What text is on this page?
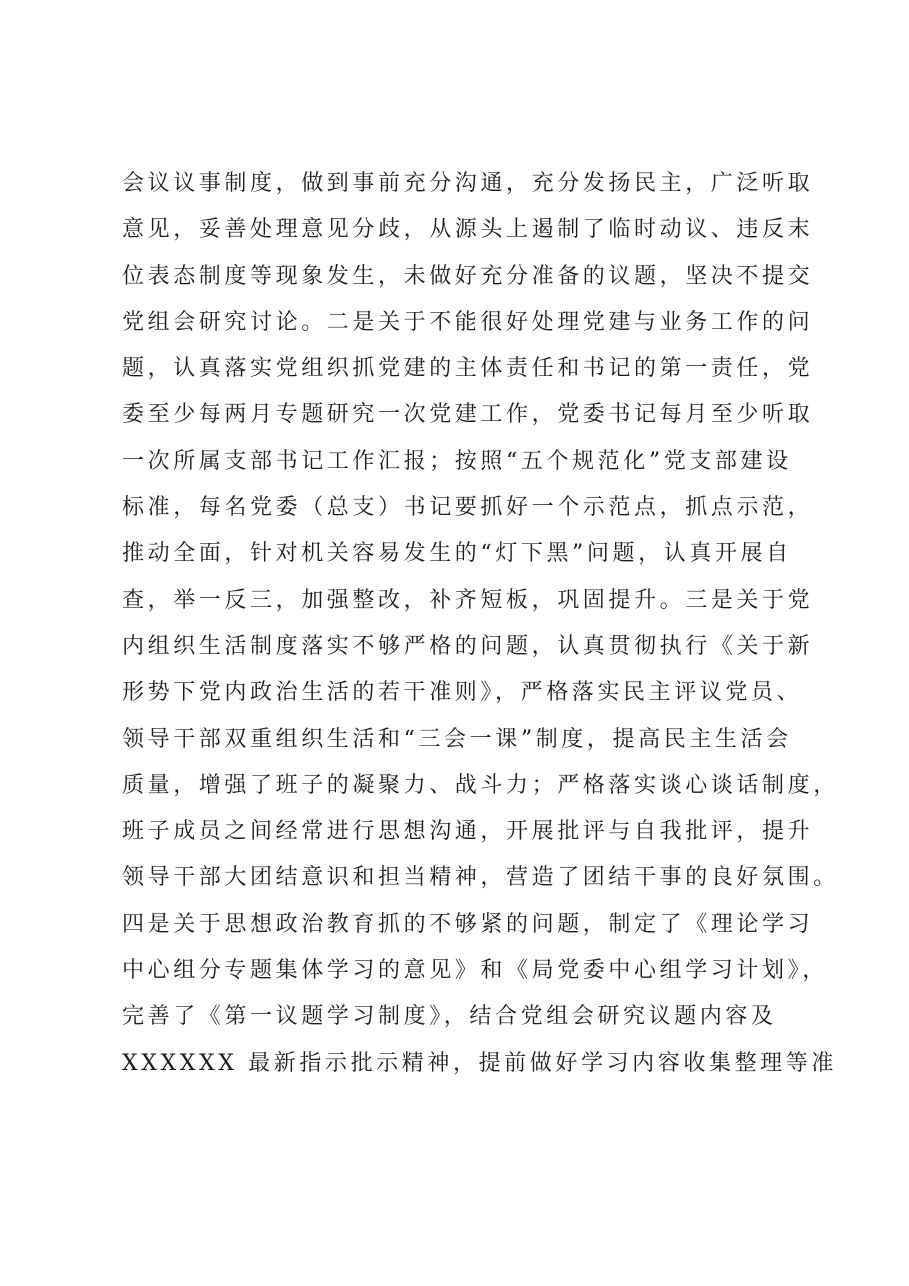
会议议事制度，做到事前充分沟通，充分发扬民主，广泛听取
意见，妥善处理意见分歧，从源头上遏制了临时动议、违反末
位表态制度等现象发生，未做好充分准备的议题，坚决不提交
党组会研究讨论。二是关于不能很好处理党建与业务工作的问
题，认真落实党组织抓党建的主体责任和书记的第一责任，党
委至少每两月专题研究一次党建工作，党委书记每月至少听取
一次所属支部书记工作汇报；按照“五个规范化”党支部建设
标准，每名党委（总支）书记要抓好一个示范点，抓点示范，
推动全面，针对机关容易发生的“灯下黑”问题，认真开展自
查，举一反三，加强整改，补齐短板，巩固提升。三是关于党
内组织生活制度落实不够严格的问题，认真贯彻执行《关于新
形势下党内政治生活的若干准则》，严格落实民主评议党员、
领导干部双重组织生活和“三会一课”制度，提高民主生活会
质量，增强了班子的凝聚力、战斗力；严格落实谈心谈话制度，
班子成员之间经常进行思想沟通，开展批评与自我批评，提升
领导干部大团结意识和担当精神，营造了团结干事的良好氛围。
四是关于思想政治教育抓的不够紧的问题，制定了《理论学习
中心组分专题集体学习的意见》和《局党委中心组学习计划》，
完善了《第一议题学习制度》，结合党组会研究议题内容及
XXXXXX 最新指示批示精神，提前做好学习内容收集整理等准
